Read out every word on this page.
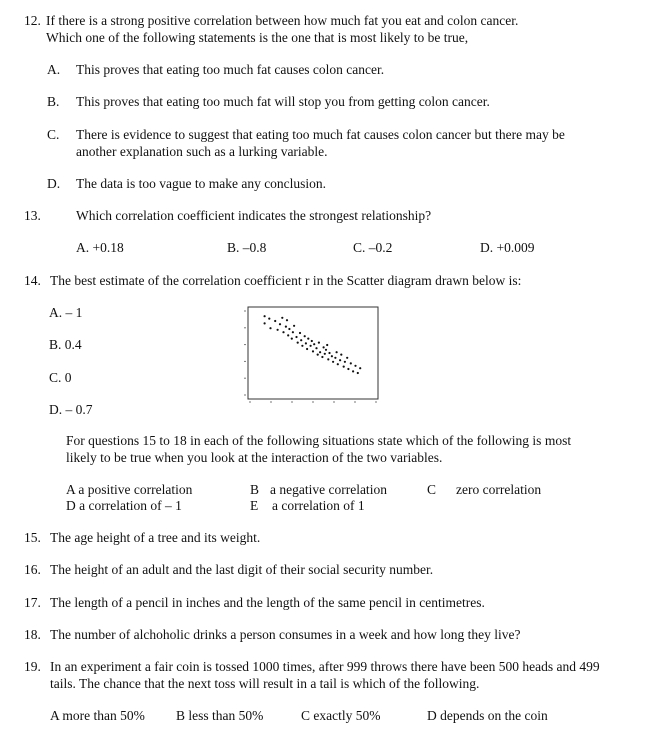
12. If there is a strong positive correlation between how much fat you eat and colon cancer.
Which one of the following statements is the one that is most likely to be true,
A. This proves that eating too much fat causes colon cancer.
B. This proves that eating too much fat will stop you from getting colon cancer.
C. There is evidence to suggest that eating too much fat causes colon cancer but there may be
another explanation such as a lurking variable.
D. The data is too vague to make any conclusion.
13.	Which correlation coefficient indicates the strongest relationship?
A. +0.18	B. –0.8	C. –0.2	D. +0.009
14. The best estimate of the correlation coefficient r in the Scatter diagram drawn below is:
A. – 1
B. 0.4
C. 0
D. – 0.7
For questions 15 to 18 in each of the following situations state which of the following is most
likely to be true when you look at the interaction of the two variables.
A a positive correlation	B a negative correlation	C zero correlation
D a correlation of – 1	E a correlation of 1
15. The age height of a tree and its weight.
16. The height of an adult and the last digit of their social security number.
17. The length of a pencil in inches and the length of the same pencil in centimetres.
18. The number of alchoholic drinks a person consumes in a week and how long they live?
19. In an experiment a fair coin is tossed 1000 times, after 999 throws there have been 500 heads and 499
tails. The chance that the next toss will result in a tail is which of the following.
A more than 50% B less than 50%	C exactly 50%	D depends on the coin
